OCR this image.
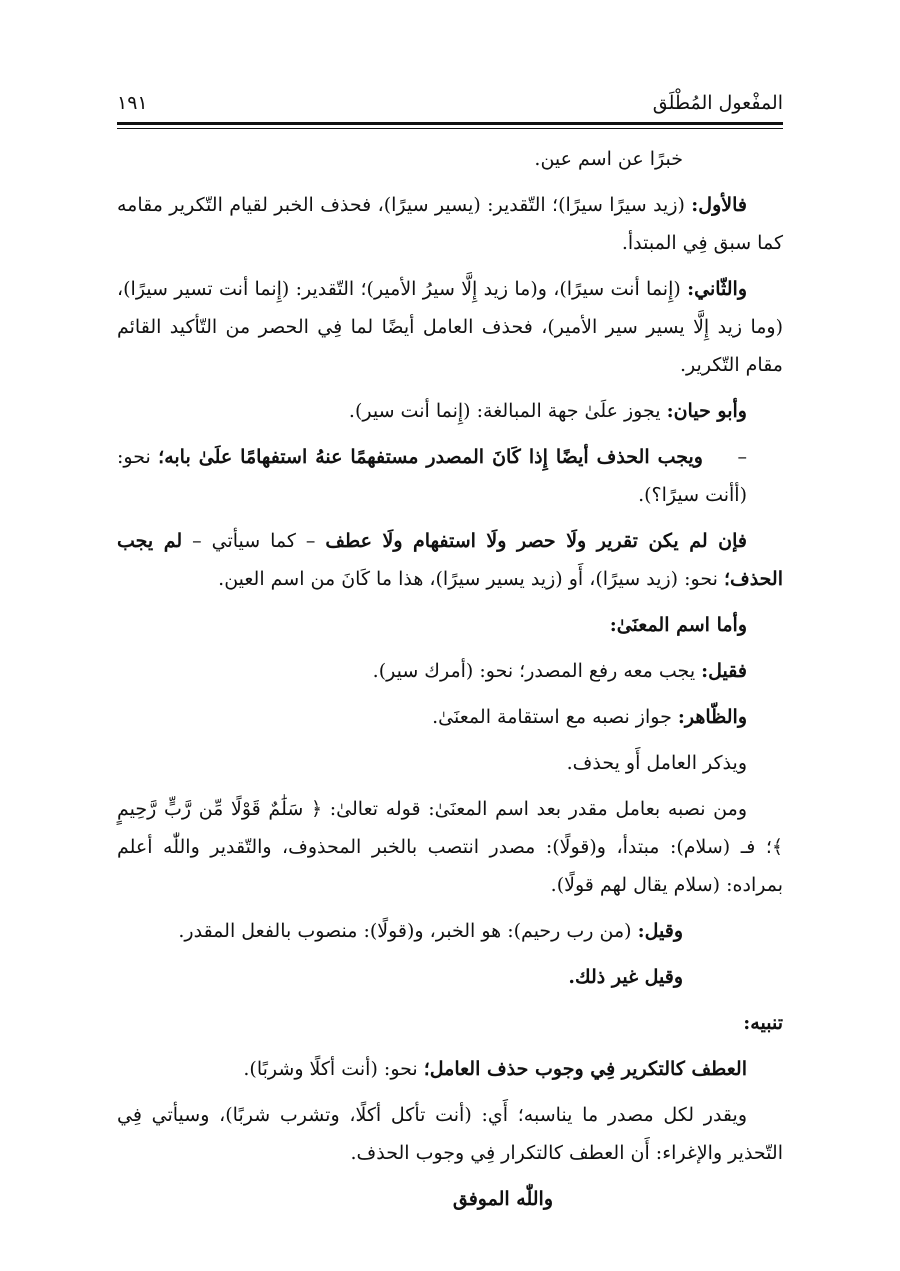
المفْعول المُطْلَق
١٩١

خبرًا عن اسم عين.

فالأول: (زيد سيرًا سيرًا)؛ التّقدير: (يسير سيرًا)، فحذف الخبر لقيام التّكرير مقامه كما سبق فِي المبتدأ.

والثّاني: (إِنما أنت سيرًا)، و(ما زيد إِلَّا سيرُ الأمير)؛ التّقدير: (إِنما أنت تسير سيرًا)، (وما زيد إِلَّا يسير سير الأمير)، فحذف العامل أيضًا لما فِي الحصر من التّأكيد القائم مقام التّكرير.

وأبو حيان: يجوز علَىٰ جهة المبالغة: (إِنما أنت سير).

–ويجب الحذف أيضًا إِذا كَانَ المصدر مستفهمًا عنهُ استفهامًا علَىٰ بابه؛ نحو: (أأنت سيرًا؟).

فإن لم يكن تقرير ولَا حصر ولَا استفهام ولَا عطف – كما سيأتي – لم يجب الحذف؛ نحو: (زيد سيرًا)، أَو (زيد يسير سيرًا)، هذا ما كَانَ من اسم العين.

وأما اسم المعنَىٰ:

فقيل: يجب معه رفع المصدر؛ نحو: (أمرك سير).

والظّاهر: جواز نصبه مع استقامة المعنَىٰ.

ويذكر العامل أَو يحذف.

ومن نصبه بعامل مقدر بعد اسم المعنَىٰ: قوله تعالىٰ: ﴿ سَلَٰمٌ قَوْلًا مِّن رَّبٍّ رَّحِيمٍ ﴾؛ فـ (سلام): مبتدأ، و(قولًا): مصدر انتصب بالخبر المحذوف، والتّقدير واللّٰه أعلم بمراده: (سلام يقال لهم قولًا).

وقيل: (من رب رحيم): هو الخبر، و(قولًا): منصوب بالفعل المقدر.

وقيل غير ذلك.

تنبيه:

العطف كالتكرير فِي وجوب حذف العامل؛ نحو: (أنت أكلًا وشربًا).

ويقدر لكل مصدر ما يناسبه؛ أَي: (أنت تأكل أكلًا، وتشرب شربًا)، وسيأتي فِي التّحذير والإغراء: أَن العطف كالتكرار فِي وجوب الحذف.

واللّٰه الموفق
